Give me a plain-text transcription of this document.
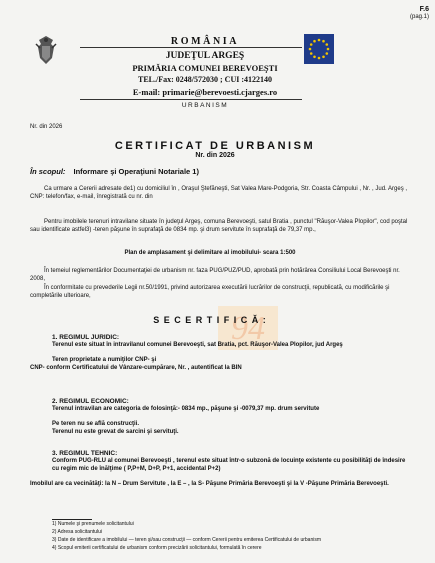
F.6
(pag.1)
ROMÂNIA
JUDEŢUL ARGEŞ
PRIMĂRIA COMUNEI BEREVOEŞTI
TEL./Fax: 0248/572030 ; CUI :4122140
E-mail: primarie@berevoesti.cjarges.ro
URBANISM
Nr. din 2026
CERTIFICAT DE URBANISM
Nr. din 2026
În scopul: Informare şi Operaţiuni Notariale 1)
Ca urmare a Cererii adresate de1) cu domiciliul în , Oraşul Ştefăneşti, Sat Valea Mare-Podgoria, Str. Coasta Câmpului , Nr. , Jud. Argeş , CNP: telefon/fax, e-mail, înregistrată cu nr. din
Pentru imobilele terenuri intravilane situate în judeţul Argeş, comuna Berevoeşti, satul Bratia , punctul "Răuşor-Valea Plopilor", cod poştal sau identificate astfel3) -teren păşune în suprafaţă de 0834 mp. şi drum servitute în suprafaţă de 79,37 mp.,
Plan de amplasament şi delimitare al imobilului- scara 1:500
În temeiul reglementărilor Documentaţiei de urbanism nr. faza PUG/PUZ/PUD, aprobată prin hotărârea Consiliului Local Berevoeşti nr. 2008,
În conformitate cu prevederile Legii nr.50/1991, privind autorizarea executării lucrărilor de construcţii, republicată, cu modificările şi completările ulterioare,
94
S E C E R T I F I C Ă :
1. REGIMUL JURIDIC:
Terenul este situat în intravilanul comunei Berevoeşti, sat Bratia, pct. Răuşor-Valea Plopilor, jud Argeş
Teren proprietate a numiţilor CNP- şi
CNP- conform Certificatului de Vânzare-cumpărare, Nr. , autentificat la BIN
2. REGIMUL ECONOMIC:
Terenul intravilan are categoria de folosinţă:- 0834 mp., păşune şi -0079,37 mp. drum servitute
Pe teren nu se află construcţii.
Terenul nu este grevat de sarcini şi servituţi.
3. REGIMUL TEHNIC:
Conform PUG-RLU al comunei Berevoeşti , terenul este situat într-o subzonă de locuinţe existente cu posibilităţi de îndesire cu regim mic de înălţime ( P,P+M, D+P, P+1, accidental P+2)
Imobilul are ca vecinătăţi: la N – Drum Servitute , la E – , la S- Păşune Primăria Berevoeşti şi la V -Păşune Primăria Berevoeşti.
1) Numele şi prenumele solicitantului
2) Adresa solicitantului
3) Date de identificare a imobilului — teren şi/sau construcţii — conform Cererii pentru emiterea Certificatului de urbanism
4) Scopul emiterii certificatului de urbanism conform precizării solicitantului, formulată în cerere
